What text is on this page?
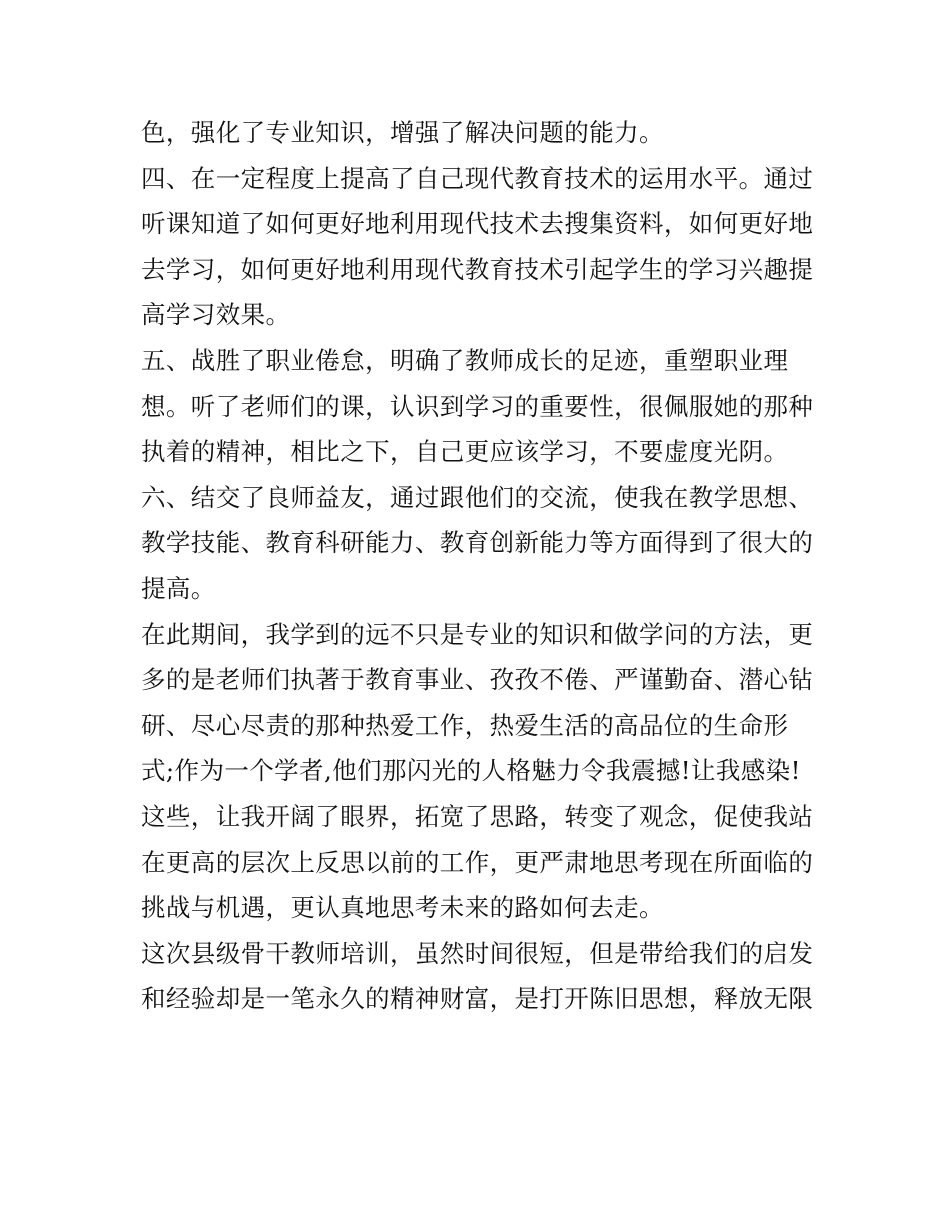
色，强化了专业知识，增强了解决问题的能力。
四、在一定程度上提高了自己现代教育技术的运用水平。通过
听课知道了如何更好地利用现代技术去搜集资料，如何更好地
去学习，如何更好地利用现代教育技术引起学生的学习兴趣提
高学习效果。
五、战胜了职业倦怠，明确了教师成长的足迹，重塑职业理
想。听了老师们的课，认识到学习的重要性，很佩服她的那种
执着的精神，相比之下，自己更应该学习，不要虚度光阴。
六、结交了良师益友，通过跟他们的交流，使我在教学思想、
教学技能、教育科研能力、教育创新能力等方面得到了很大的
提高。
在此期间，我学到的远不只是专业的知识和做学问的方法，更
多的是老师们执著于教育事业、孜孜不倦、严谨勤奋、潜心钻
研、尽心尽责的那种热爱工作，热爱生活的高品位的生命形
式;作为一个学者,他们那闪光的人格魅力令我震撼!让我感染!
这些，让我开阔了眼界，拓宽了思路，转变了观念，促使我站
在更高的层次上反思以前的工作，更严肃地思考现在所面临的
挑战与机遇，更认真地思考未来的路如何去走。
这次县级骨干教师培训，虽然时间很短，但是带给我们的启发
和经验却是一笔永久的精神财富，是打开陈旧思想，释放无限
